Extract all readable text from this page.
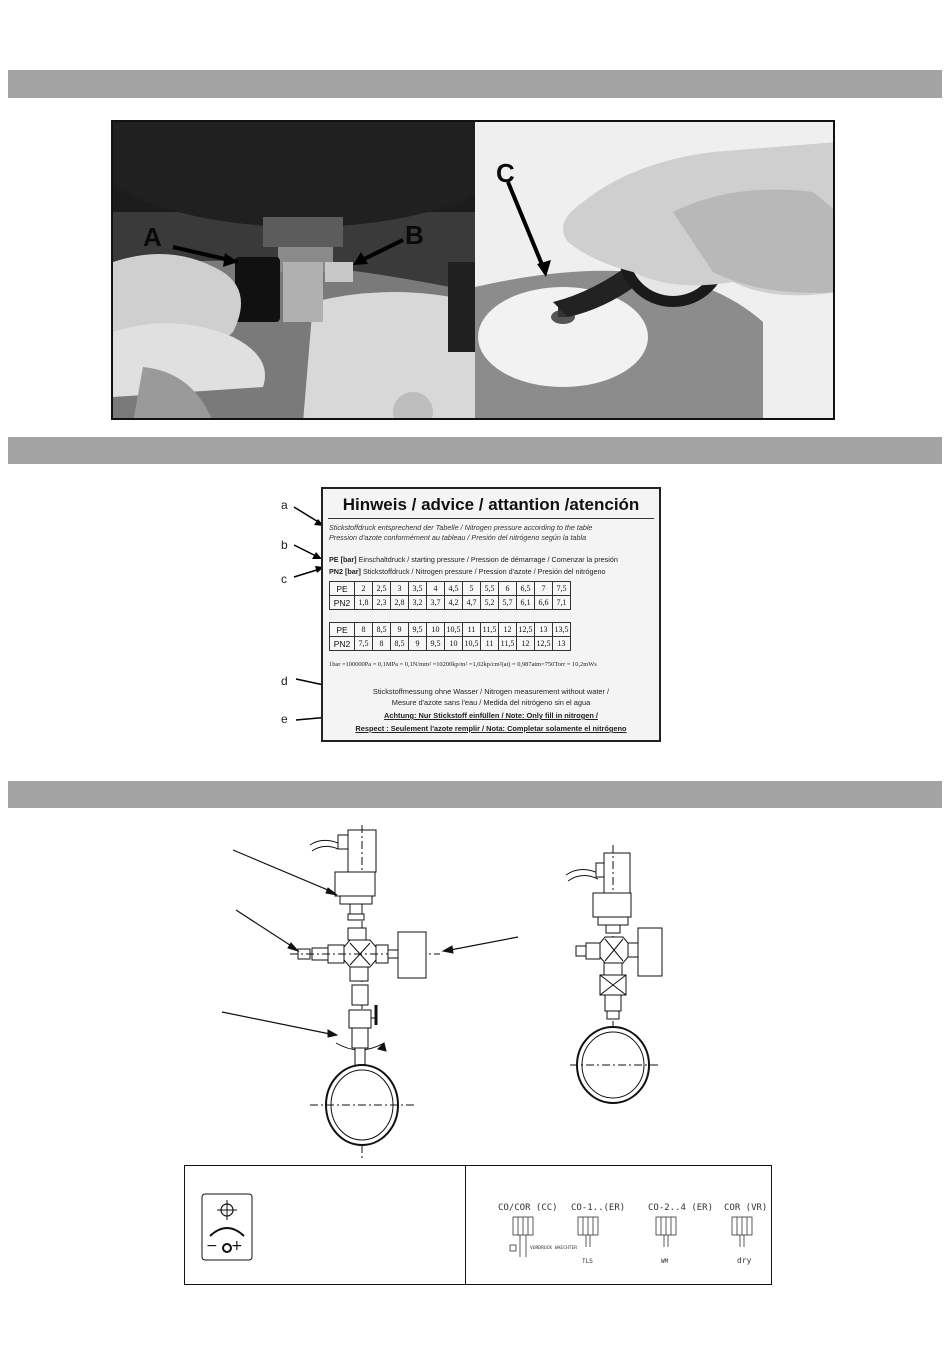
A	B
C
a
b
c
d
e
Hinweis / advice / attantion /atención
Stickstoffdruck entsprechend der Tabelle / Nitrogen pressure according to the table
Pression d'azote conformément au tableau / Presión del nitrógeno según la tabla
PE [bar] Einschaltdruck / starting pressure / Pression de démarrage / Comenzar la presión
PN2 [bar] Stickstoffdruck / Nitrogen pressure / Pression d'azote / Presión del nitrógeno
PE	2	2,5	3	3,5	4	4,5	5	5,5	6	6,5	7	7,5
PN2	1,8	2,3	2,8	3,2	3,7	4,2	4,7	5,2	5,7	6,1	6,6	7,1
PE	8	8,5	9	9,5	10	10,5	11	11,5	12	12,5	13	13,5
PN2	7,5	8	8,5	9	9,5	10	10,5	11	11,5	12	12,5	13
1bar =100000Pa = 0,1MPa = 0,1N/mm² =10200kp/m² =1,02kp/cm²(at) = 0,987atm=750Torr = 10,2mWs
Stickstoffmessung ohne Wasser / Nitrogen measurement without water /
Mesure d'azote sans l'eau / Medida del nitrógeno sin el agua
Achtung: Nur Stickstoff einfüllen / Note: Only fill in nitrogen /
Respect : Seulement l'azote remplir / Nota: Completar solamente el nitrógeno
− +
CO/COR (CC) CO-1..(ER)	CO-2..4 (ER) COR (VR)
VORDRUCK WAECHTER
TLS	WM	dry
